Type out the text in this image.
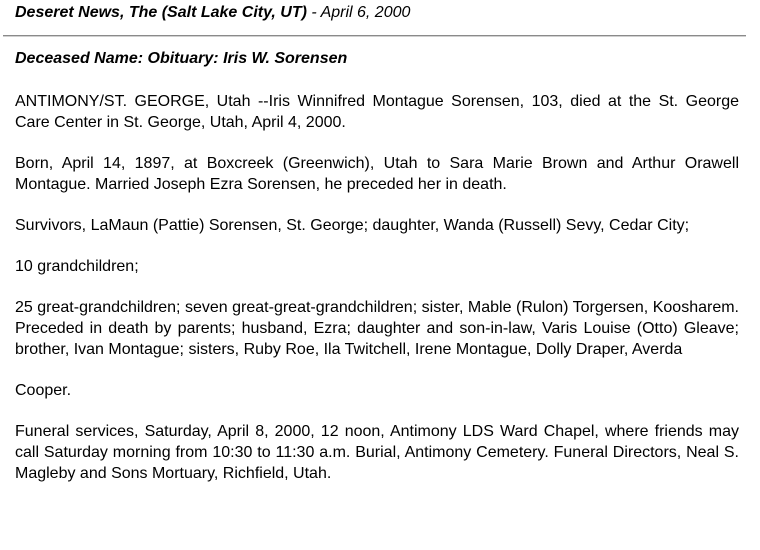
Deseret News, The (Salt Lake City, UT) - April 6, 2000
Deceased Name: Obituary: Iris W. Sorensen

ANTIMONY/ST. GEORGE, Utah --Iris Winnifred Montague Sorensen, 103, died at the St. George Care Center in St. George, Utah, April 4, 2000.

Born, April 14, 1897, at Boxcreek (Greenwich), Utah to Sara Marie Brown and Arthur Orawell Montague. Married Joseph Ezra Sorensen, he preceded her in death.

Survivors, LaMaun (Pattie) Sorensen, St. George; daughter, Wanda (Russell) Sevy, Cedar City;

10 grandchildren;

25 great-grandchildren; seven great-great-grandchildren; sister, Mable (Rulon) Torgersen, Koosharem. Preceded in death by parents; husband, Ezra; daughter and son-in-law, Varis Louise (Otto) Gleave; brother, Ivan Montague; sisters, Ruby Roe, Ila Twitchell, Irene Montague, Dolly Draper, Averda

Cooper.

Funeral services, Saturday, April 8, 2000, 12 noon, Antimony LDS Ward Chapel, where friends may call Saturday morning from 10:30 to 11:30 a.m. Burial, Antimony Cemetery. Funeral Directors, Neal S. Magleby and Sons Mortuary, Richfield, Utah.
